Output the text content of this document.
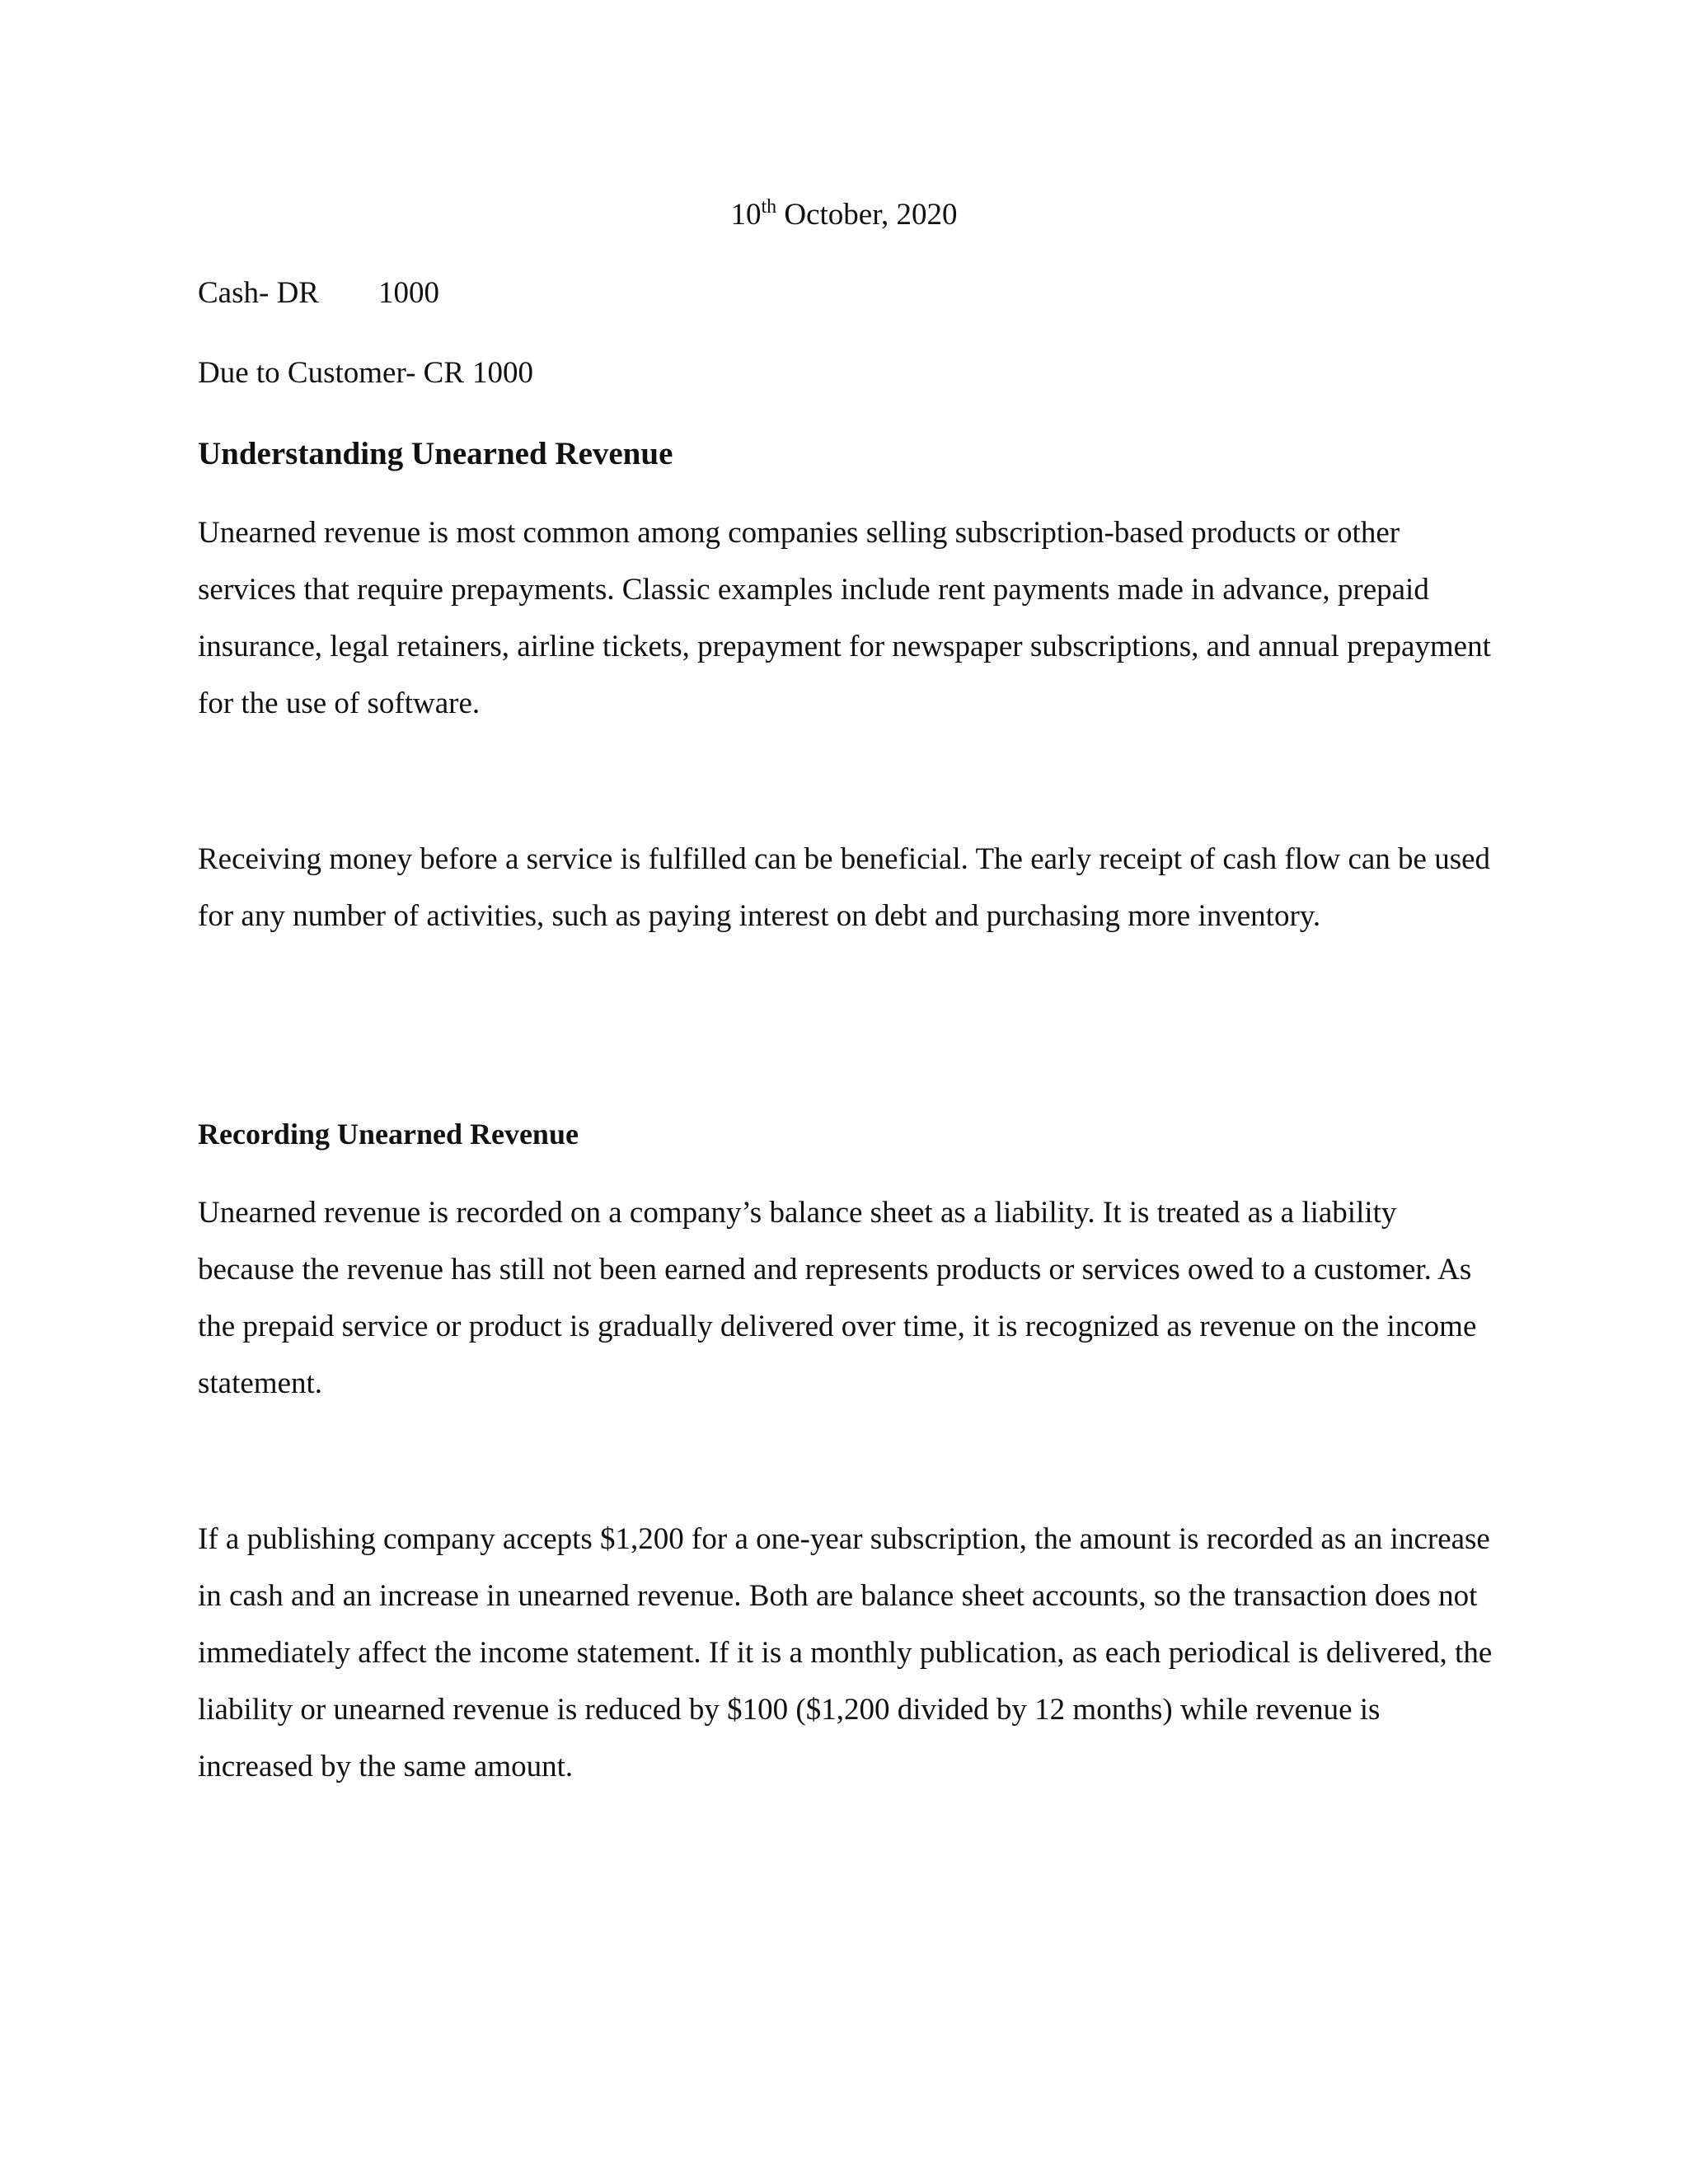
10th October, 2020

Cash- DR 1000

Due to Customer- CR 1000

Understanding Unearned Revenue

Unearned revenue is most common among companies selling subscription-based products or other services that require prepayments. Classic examples include rent payments made in advance, prepaid insurance, legal retainers, airline tickets, prepayment for newspaper subscriptions, and annual prepayment for the use of software.

Receiving money before a service is fulfilled can be beneficial. The early receipt of cash flow can be used for any number of activities, such as paying interest on debt and purchasing more inventory.

Recording Unearned Revenue

Unearned revenue is recorded on a company’s balance sheet as a liability. It is treated as a liability because the revenue has still not been earned and represents products or services owed to a customer. As the prepaid service or product is gradually delivered over time, it is recognized as revenue on the income statement.

If a publishing company accepts $1,200 for a one-year subscription, the amount is recorded as an increase in cash and an increase in unearned revenue. Both are balance sheet accounts, so the transaction does not immediately affect the income statement. If it is a monthly publication, as each periodical is delivered, the liability or unearned revenue is reduced by $100 ($1,200 divided by 12 months) while revenue is increased by the same amount.
